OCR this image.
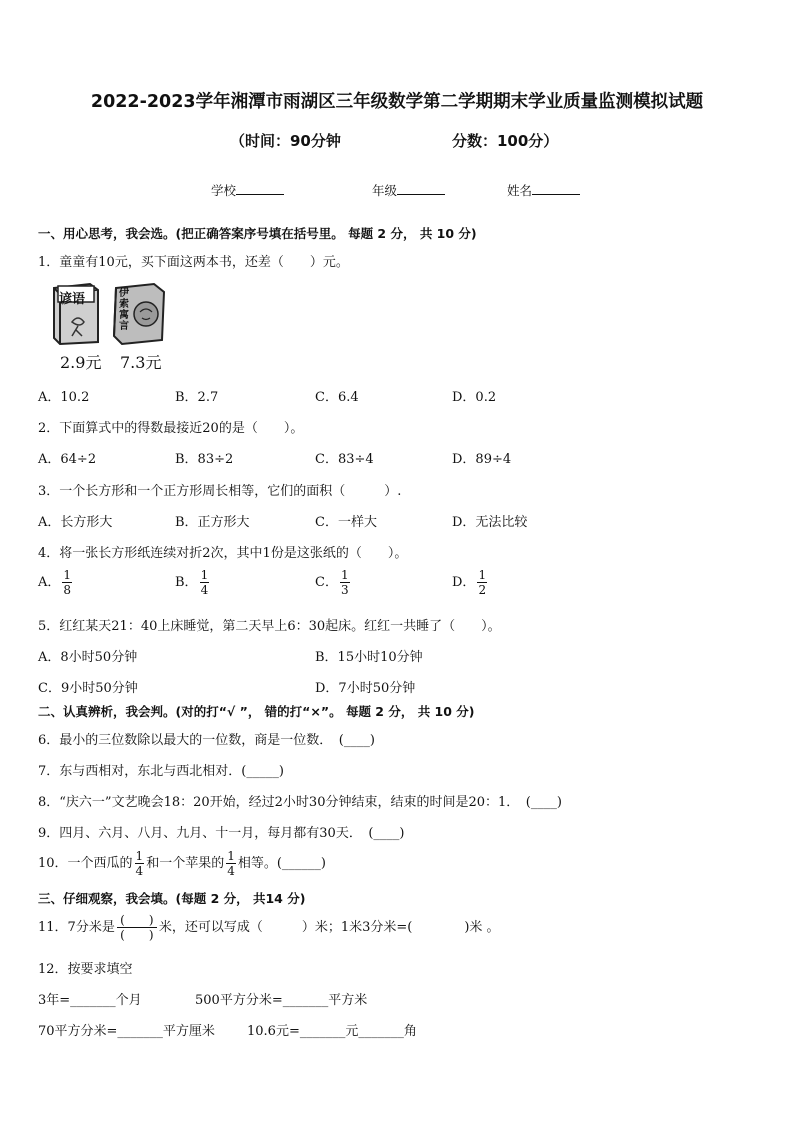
2022-2023学年湘潭市雨湖区三年级数学第二学期期末学业质量监测模拟试题
（时间：90分钟	分数：100分）
学校	年级	姓名
一、用心思考，我会选。(把正确答案序号填在括号里。 每题 2 分， 共 10 分)
1．童童有10元，买下面这两本书，还差（　　）元。
谚语	伊索寓言
2.9元 7.3元
A．10.2	B．2.7	C．6.4	D．0.2
2．下面算式中的得数最接近20的是（　　）。
A．64÷2	B．83÷2	C．83÷4	D．89÷4
3．一个长方形和一个正方形周长相等，它们的面积（　　　）.
A．长方形大	B．正方形大	C．一样大	D．无法比较
4．将一张长方形纸连续对折2次，其中1份是这张纸的（　　）。
A． $\frac{1}{8}$	B． $\frac{1}{4}$	C． $\frac{1}{3}$	D． $\frac{1}{2}$
5．红红某天21：40上床睡觉，第二天早上6：30起床。红红一共睡了（　　）。
A．8小时50分钟	B．15小时10分钟
C．9小时50分钟	D．7小时50分钟
二、认真辨析，我会判。(对的打“√ ”， 错的打“×”。 每题 2 分， 共 10 分)
6．最小的三位数除以最大的一位数，商是一位数．　(____)
7．东与西相对，东北与西北相对．(_____)
8．“庆六一”文艺晚会18：20开始，经过2小时30分钟结束，结束的时间是20：1．　(____)
9．四月、六月、八月、九月、十一月，每月都有30天．　(____)
10．一个西瓜的 $\frac{1}{4}$ 和一个苹果的 $\frac{1}{4}$ 相等。(______)
三、仔细观察，我会填。(每题 2 分， 共14 分)
11．7分米是 $\frac{( )}{( )}$ 米，还可以写成（　　　）米；1米3分米=(　　　　)米 。
12．按要求填空
3年=_______个月	500平方分米=_______平方米
70平方分米=_______平方厘米 10.6元=_______元_______角
